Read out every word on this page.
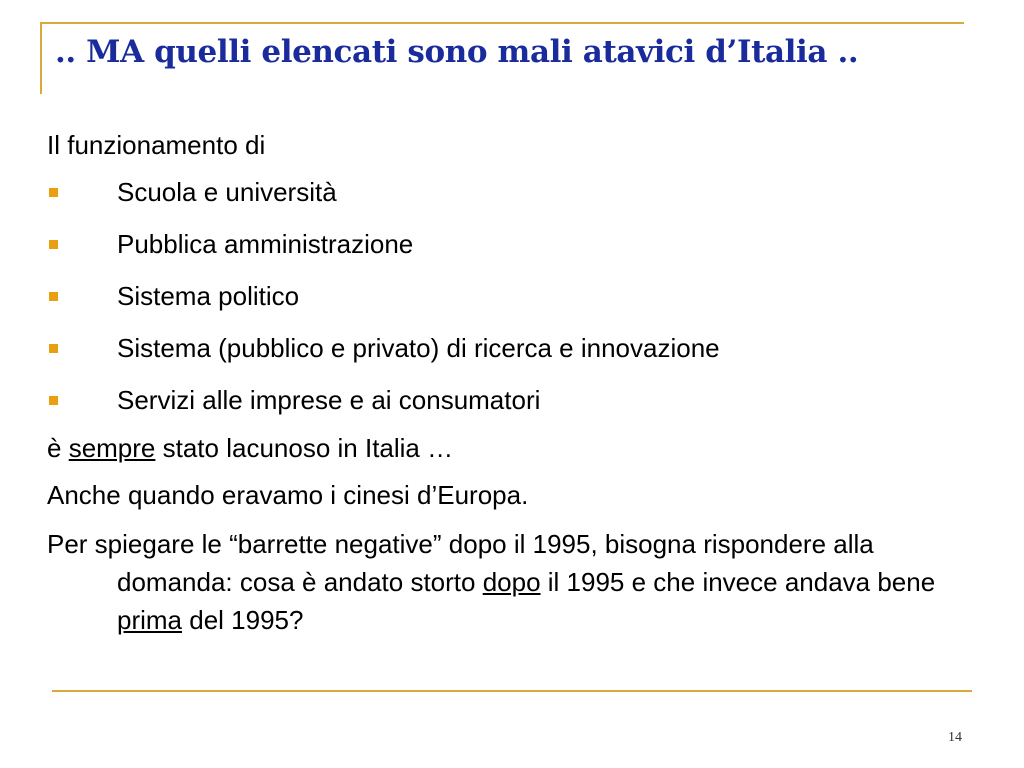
.. MA quelli elencati sono mali atavici d’Italia ..

Il funzionamento di

Scuola e università
Pubblica amministrazione
Sistema politico
Sistema (pubblico e privato) di ricerca e innovazione
Servizi alle imprese e ai consumatori

è sempre stato lacunoso in Italia …

Anche quando eravamo i cinesi d’Europa.

Per spiegare le “barrette negative” dopo il 1995, bisogna rispondere alla domanda: cosa è andato storto dopo il 1995 e che invece andava bene prima del 1995?

14
